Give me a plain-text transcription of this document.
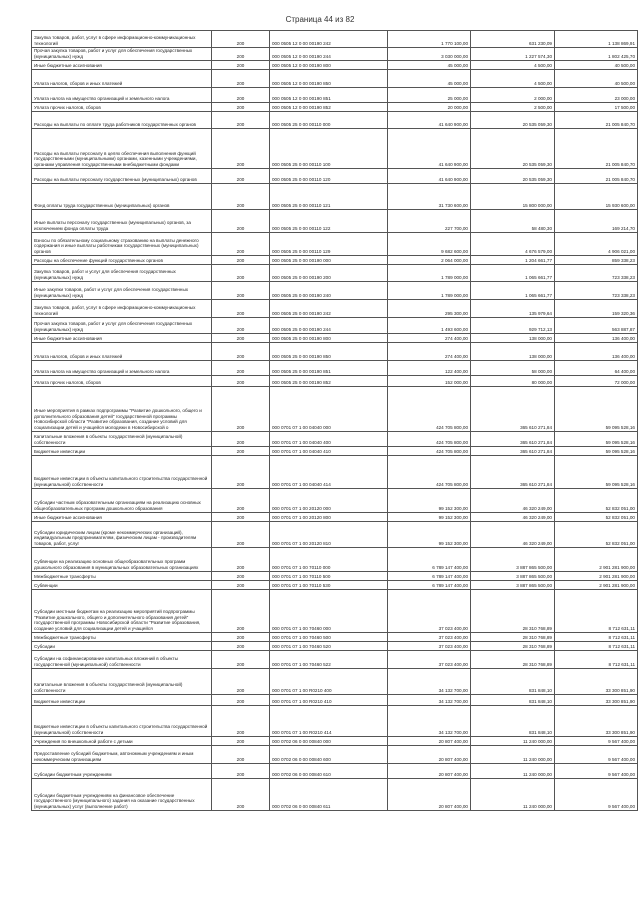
Страница 44 из 82
Закупка товаров, работ, услуг в сфере информационно-коммуникационных технологий	200	000 0505 12 0 00 00190 242	1 770 100,00	631 230,09	1 138 869,91
Прочая закупка товаров, работ и услуг для обеспечения государственных (муниципальных) нужд	200	000 0505 12 0 00 00190 244	3 030 000,00	1 227 574,30	1 802 425,70
Иные бюджетные ассигнования	200	000 0505 12 0 00 00190 800	45 000,00	4 500,00	40 500,00
Уплата налогов, сборов и иных платежей	200	000 0505 12 0 00 00190 850	45 000,00	4 500,00	40 500,00
Уплата налога на имущество организаций и земельного налога	200	000 0505 12 0 00 00190 851	25 000,00	2 000,00	23 000,00
Уплата прочих налогов, сборов	200	000 0505 12 0 00 00190 852	20 000,00	2 500,00	17 500,00
Расходы на выплаты по оплате труда работников государственных органов	200	000 0505 25 0 00 00110 000	41 640 900,00	20 535 059,30	21 005 840,70
Расходы на выплаты персоналу в целях обеспечения выполнения функций государственными (муниципальными) органами, казенными учреждениями, органами управления государственными внебюджетными фондами	200	000 0505 25 0 00 00110 100	41 640 900,00	20 535 059,30	21 005 840,70
Расходы на выплаты персоналу государственных (муниципальных) органов	200	000 0505 25 0 00 00110 120	41 640 900,00	20 535 059,30	21 005 840,70
Фонд оплаты труда государственных (муниципальных) органов	200	000 0505 25 0 00 00110 121	31 730 600,00	15 800 000,00	15 930 600,00
Иные выплаты персоналу государственных (муниципальных) органов, за исключением фонда оплаты труда	200	000 0505 25 0 00 00110 122	227 700,00	58 480,30	169 214,70
Взносы по обязательному социальному страхованию на выплаты денежного содержания и иные выплаты работникам государственных (муниципальных) органов	200	000 0505 25 0 00 00110 129	9 682 600,00	4 676 579,00	4 906 021,00
Расходы на обеспечение функций государственных органов	200	000 0505 25 0 00 00190 000	2 064 000,00	1 204 661,77	859 338,23
Закупка товаров, работ и услуг для обеспечения государственных (муниципальных) нужд	200	000 0505 25 0 00 00190 200	1 789 000,00	1 065 661,77	723 338,23
Иные закупки товаров, работ и услуг для обеспечения государственных (муниципальных) нужд	200	000 0505 25 0 00 00190 240	1 789 000,00	1 065 661,77	723 338,23
Закупка товаров, работ, услуг в сфере информационно-коммуникационных технологий	200	000 0505 25 0 00 00190 242	295 300,00	135 979,64	159 320,36
Прочая закупка товаров, работ и услуг для обеспечения государственных (муниципальных) нужд	200	000 0505 25 0 00 00190 244	1 493 600,00	929 712,13	563 887,87
Иные бюджетные ассигнования	200	000 0505 25 0 00 00190 800	274 400,00	138 000,00	136 400,00
Уплата налогов, сборов и иных платежей	200	000 0505 25 0 00 00190 850	274 400,00	138 000,00	136 400,00
Уплата налога на имущество организаций и земельного налога	200	000 0505 25 0 00 00190 851	122 400,00	58 000,00	64 400,00
Уплата прочих налогов, сборов	200	000 0505 25 0 00 00190 852	152 000,00	80 000,00	72 000,00
Иные мероприятия в рамках подпрограммы "Развитие дошкольного, общего и дополнительного образования детей" государственной программы Новосибирской области "Развитие образования, создание условий для социализации детей и учащейся молодежи в Новосибирской о	200	000 0701 07 1 00 04040 000	424 705 800,00	365 610 271,84	59 095 528,16
Капитальные вложения в объекты государственной (муниципальной) собственности	200	000 0701 07 1 00 04040 400	424 705 800,00	365 610 271,84	59 095 528,16
Бюджетные инвестиции	200	000 0701 07 1 00 04040 410	424 705 800,00	365 610 271,84	59 095 528,16
Бюджетные инвестиции в объекты капитального строительства государственной (муниципальной) собственности	200	000 0701 07 1 00 04040 414	424 705 800,00	365 610 271,84	59 095 528,16
Субсидии частным образовательным организациям на реализацию основных общеобразовательных программ дошкольного образования	200	000 0701 07 1 00 20120 000	99 152 300,00	46 320 249,00	52 832 051,00
Иные бюджетные ассигнования	200	000 0701 07 1 00 20120 800	99 152 300,00	46 320 249,00	52 832 051,00
Субсидии юридическим лицам (кроме некоммерческих организаций), индивидуальным предпринимателям, физическим лицам - производителям товаров, работ, услуг	200	000 0701 07 1 00 20120 810	99 152 300,00	46 320 249,00	52 832 051,00
Субвенции на реализацию основных общеобразовательных программ дошкольного образования в муниципальных образовательных организациях	200	000 0701 07 1 00 70110 000	6 789 147 400,00	3 887 865 500,00	2 901 281 900,00
Межбюджетные трансферты	200	000 0701 07 1 00 70110 500	6 789 147 400,00	3 887 865 500,00	2 901 281 900,00
Субвенции	200	000 0701 07 1 00 70110 530	6 789 147 400,00	3 887 865 500,00	2 901 281 900,00
Субсидии местным бюджетам на реализацию мероприятий подпрограммы "Развитие дошкольного, общего и дополнительного образования детей" государственной программы Новосибирской области "Развитие образования, создание условий для социализации детей и учащейся	200	000 0701 07 1 00 70460 000	37 023 400,00	28 310 768,89	8 712 631,11
Межбюджетные трансферты	200	000 0701 07 1 00 70460 500	37 023 400,00	28 310 768,89	8 712 631,11
Субсидии	200	000 0701 07 1 00 70460 520	37 023 400,00	28 310 768,89	8 712 631,11
Субсидии на софинансирование капитальных вложений в объекты государственной (муниципальной) собственности	200	000 0701 07 1 00 70460 522	37 023 400,00	28 310 768,89	8 712 631,11
Капитальные вложения в объекты государственной (муниципальной) собственности	200	000 0701 07 1 00 R0210 400	34 132 700,00	831 848,10	33 300 851,90
Бюджетные инвестиции	200	000 0701 07 1 00 R0210 410	34 132 700,00	831 848,10	33 300 851,90
Бюджетные инвестиции в объекты капитального строительства государственной (муниципальной) собственности	200	000 0701 07 1 00 R0210 414	34 132 700,00	831 848,10	33 300 851,90
Учреждения по внешкольной работе с детьми	200	000 0702 06 0 00 00840 000	20 807 400,00	11 240 000,00	9 567 400,00
Предоставление субсидий бюджетным, автономным учреждениям и иным некоммерческим организациям	200	000 0702 06 0 00 00840 600	20 807 400,00	11 240 000,00	9 567 400,00
Субсидии бюджетным учреждениям	200	000 0702 06 0 00 00840 610	20 807 400,00	11 240 000,00	9 567 400,00
Субсидии бюджетным учреждениям на финансовое обеспечение государственного (муниципального) задания на оказание государственных (муниципальных) услуг (выполнение работ)	200	000 0702 06 0 00 00840 611	20 807 400,00	11 240 000,00	9 567 400,00
